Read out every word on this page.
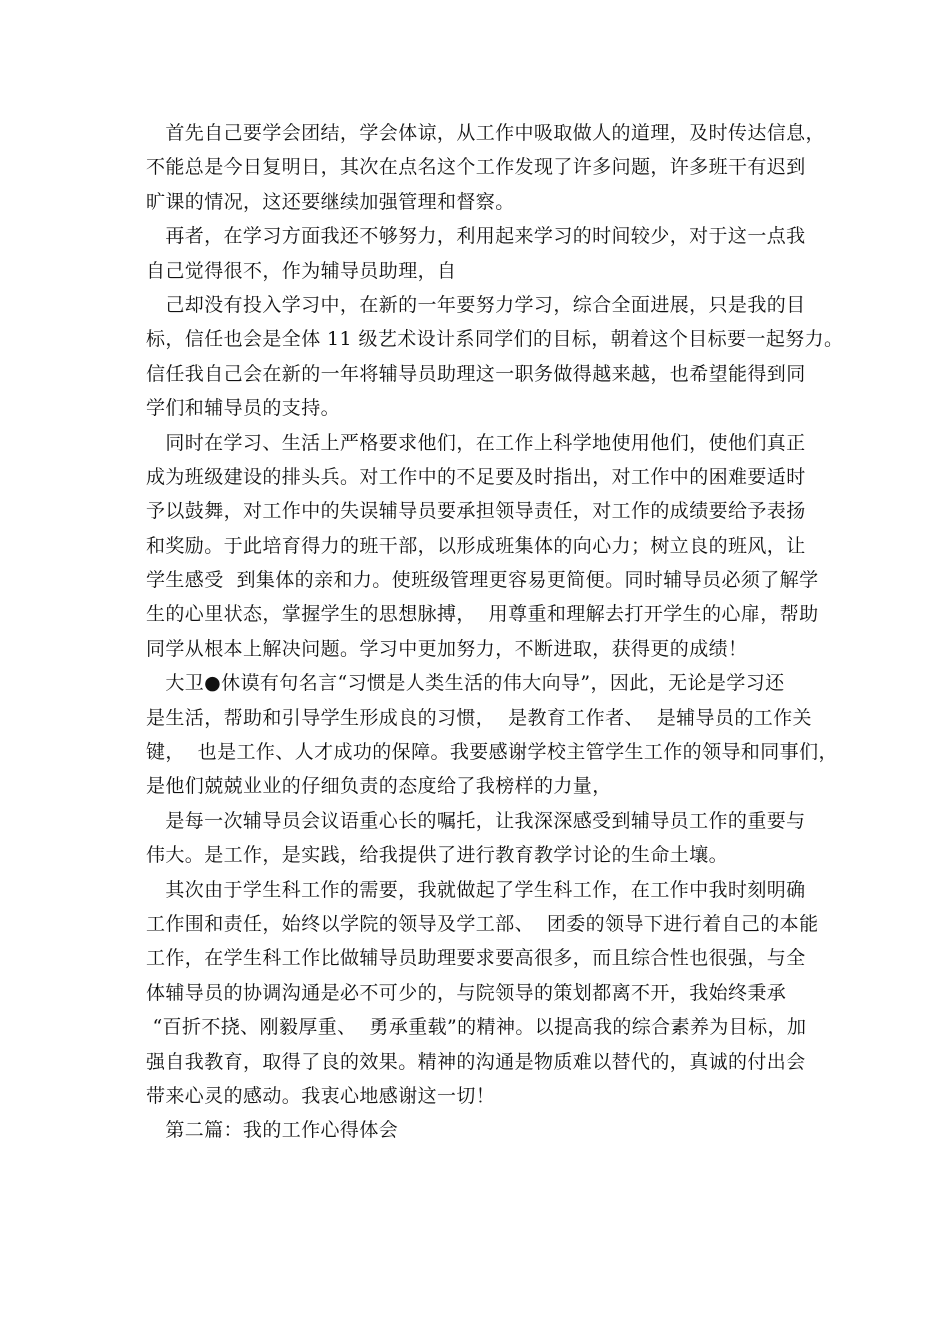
首先自己要学会团结，学会体谅，从工作中吸取做人的道理，及时传达信息，
不能总是今日复明日，其次在点名这个工作发现了许多问题，许多班干有迟到
旷课的情况，这还要继续加强管理和督察。
再者，在学习方面我还不够努力，利用起来学习的时间较少，对于这一点我
自己觉得很不，作为辅导员助理，自
己却没有投入学习中，在新的一年要努力学习，综合全面进展，只是我的目
标，信任也会是全体 11 级艺术设计系同学们的目标，朝着这个目标要一起努力。
信任我自己会在新的一年将辅导员助理这一职务做得越来越，也希望能得到同
学们和辅导员的支持。
同时在学习、生活上严格要求他们，在工作上科学地使用他们，使他们真正
成为班级建设的排头兵。对工作中的不足要及时指出，对工作中的困难要适时
予以鼓舞，对工作中的失误辅导员要承担领导责任，对工作的成绩要给予表扬
和奖励。于此培育得力的班干部，以形成班集体的向心力；树立良的班风，让
学生感受  到集体的亲和力。使班级管理更容易更简便。同时辅导员必须了解学
生的心里状态，掌握学生的思想脉搏，  用尊重和理解去打开学生的心扉，帮助
同学从根本上解决问题。学习中更加努力，不断进取，获得更的成绩！
大卫●休谟有句名言“习惯是人类生活的伟大向导”，因此，无论是学习还
是生活，帮助和引导学生形成良的习惯，  是教育工作者、  是辅导员的工作关
键，  也是工作、人才成功的保障。我要感谢学校主管学生工作的领导和同事们，
是他们兢兢业业的仔细负责的态度给了我榜样的力量，
是每一次辅导员会议语重心长的嘱托，让我深深感受到辅导员工作的重要与
伟大。是工作，是实践，给我提供了进行教育教学讨论的生命土壤。
其次由于学生科工作的需要，我就做起了学生科工作，在工作中我时刻明确
工作围和责任，始终以学院的领导及学工部、  团委的领导下进行着自己的本能
工作，在学生科工作比做辅导员助理要求要高很多，而且综合性也很强，与全
体辅导员的协调沟通是必不可少的，与院领导的策划都离不开，我始终秉承
“百折不挠、刚毅厚重、  勇承重载”的精神。以提高我的综合素养为目标，加
强自我教育，取得了良的效果。精神的沟通是物质难以替代的，真诚的付出会
带来心灵的感动。我衷心地感谢这一切！
第二篇：我的工作心得体会
